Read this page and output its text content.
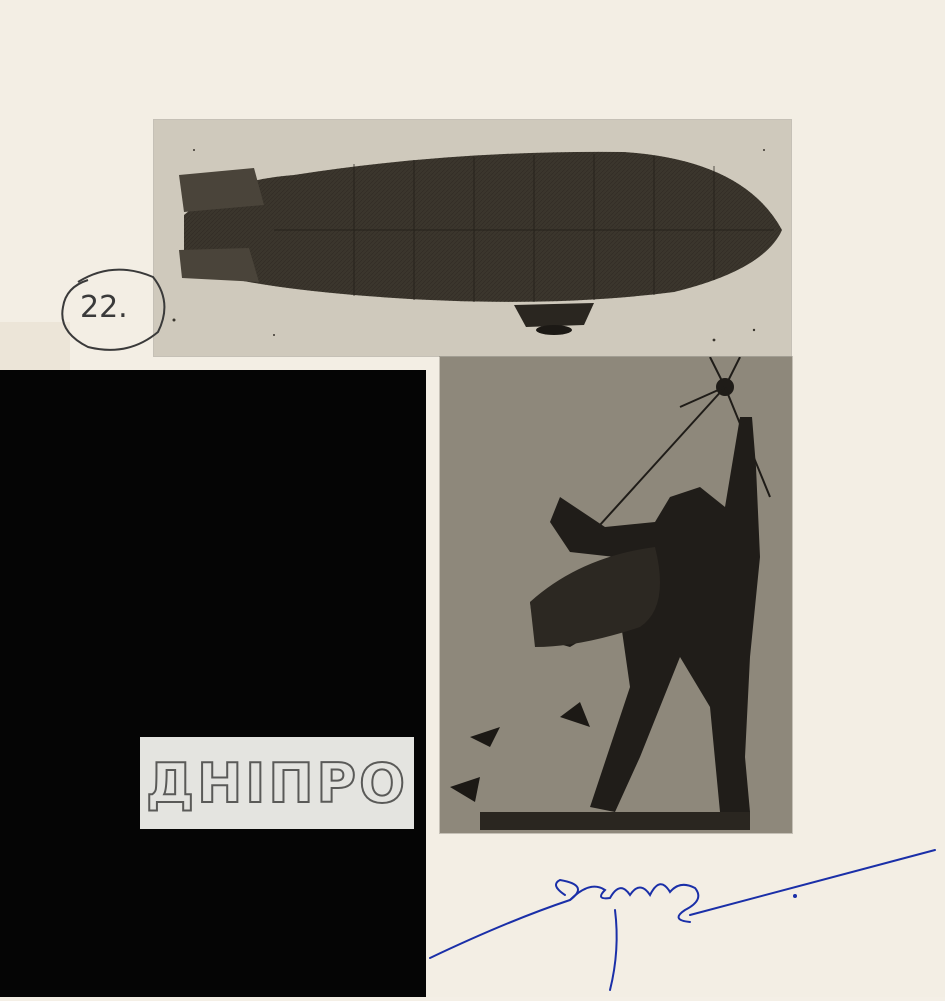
ДНІПРО
22.
